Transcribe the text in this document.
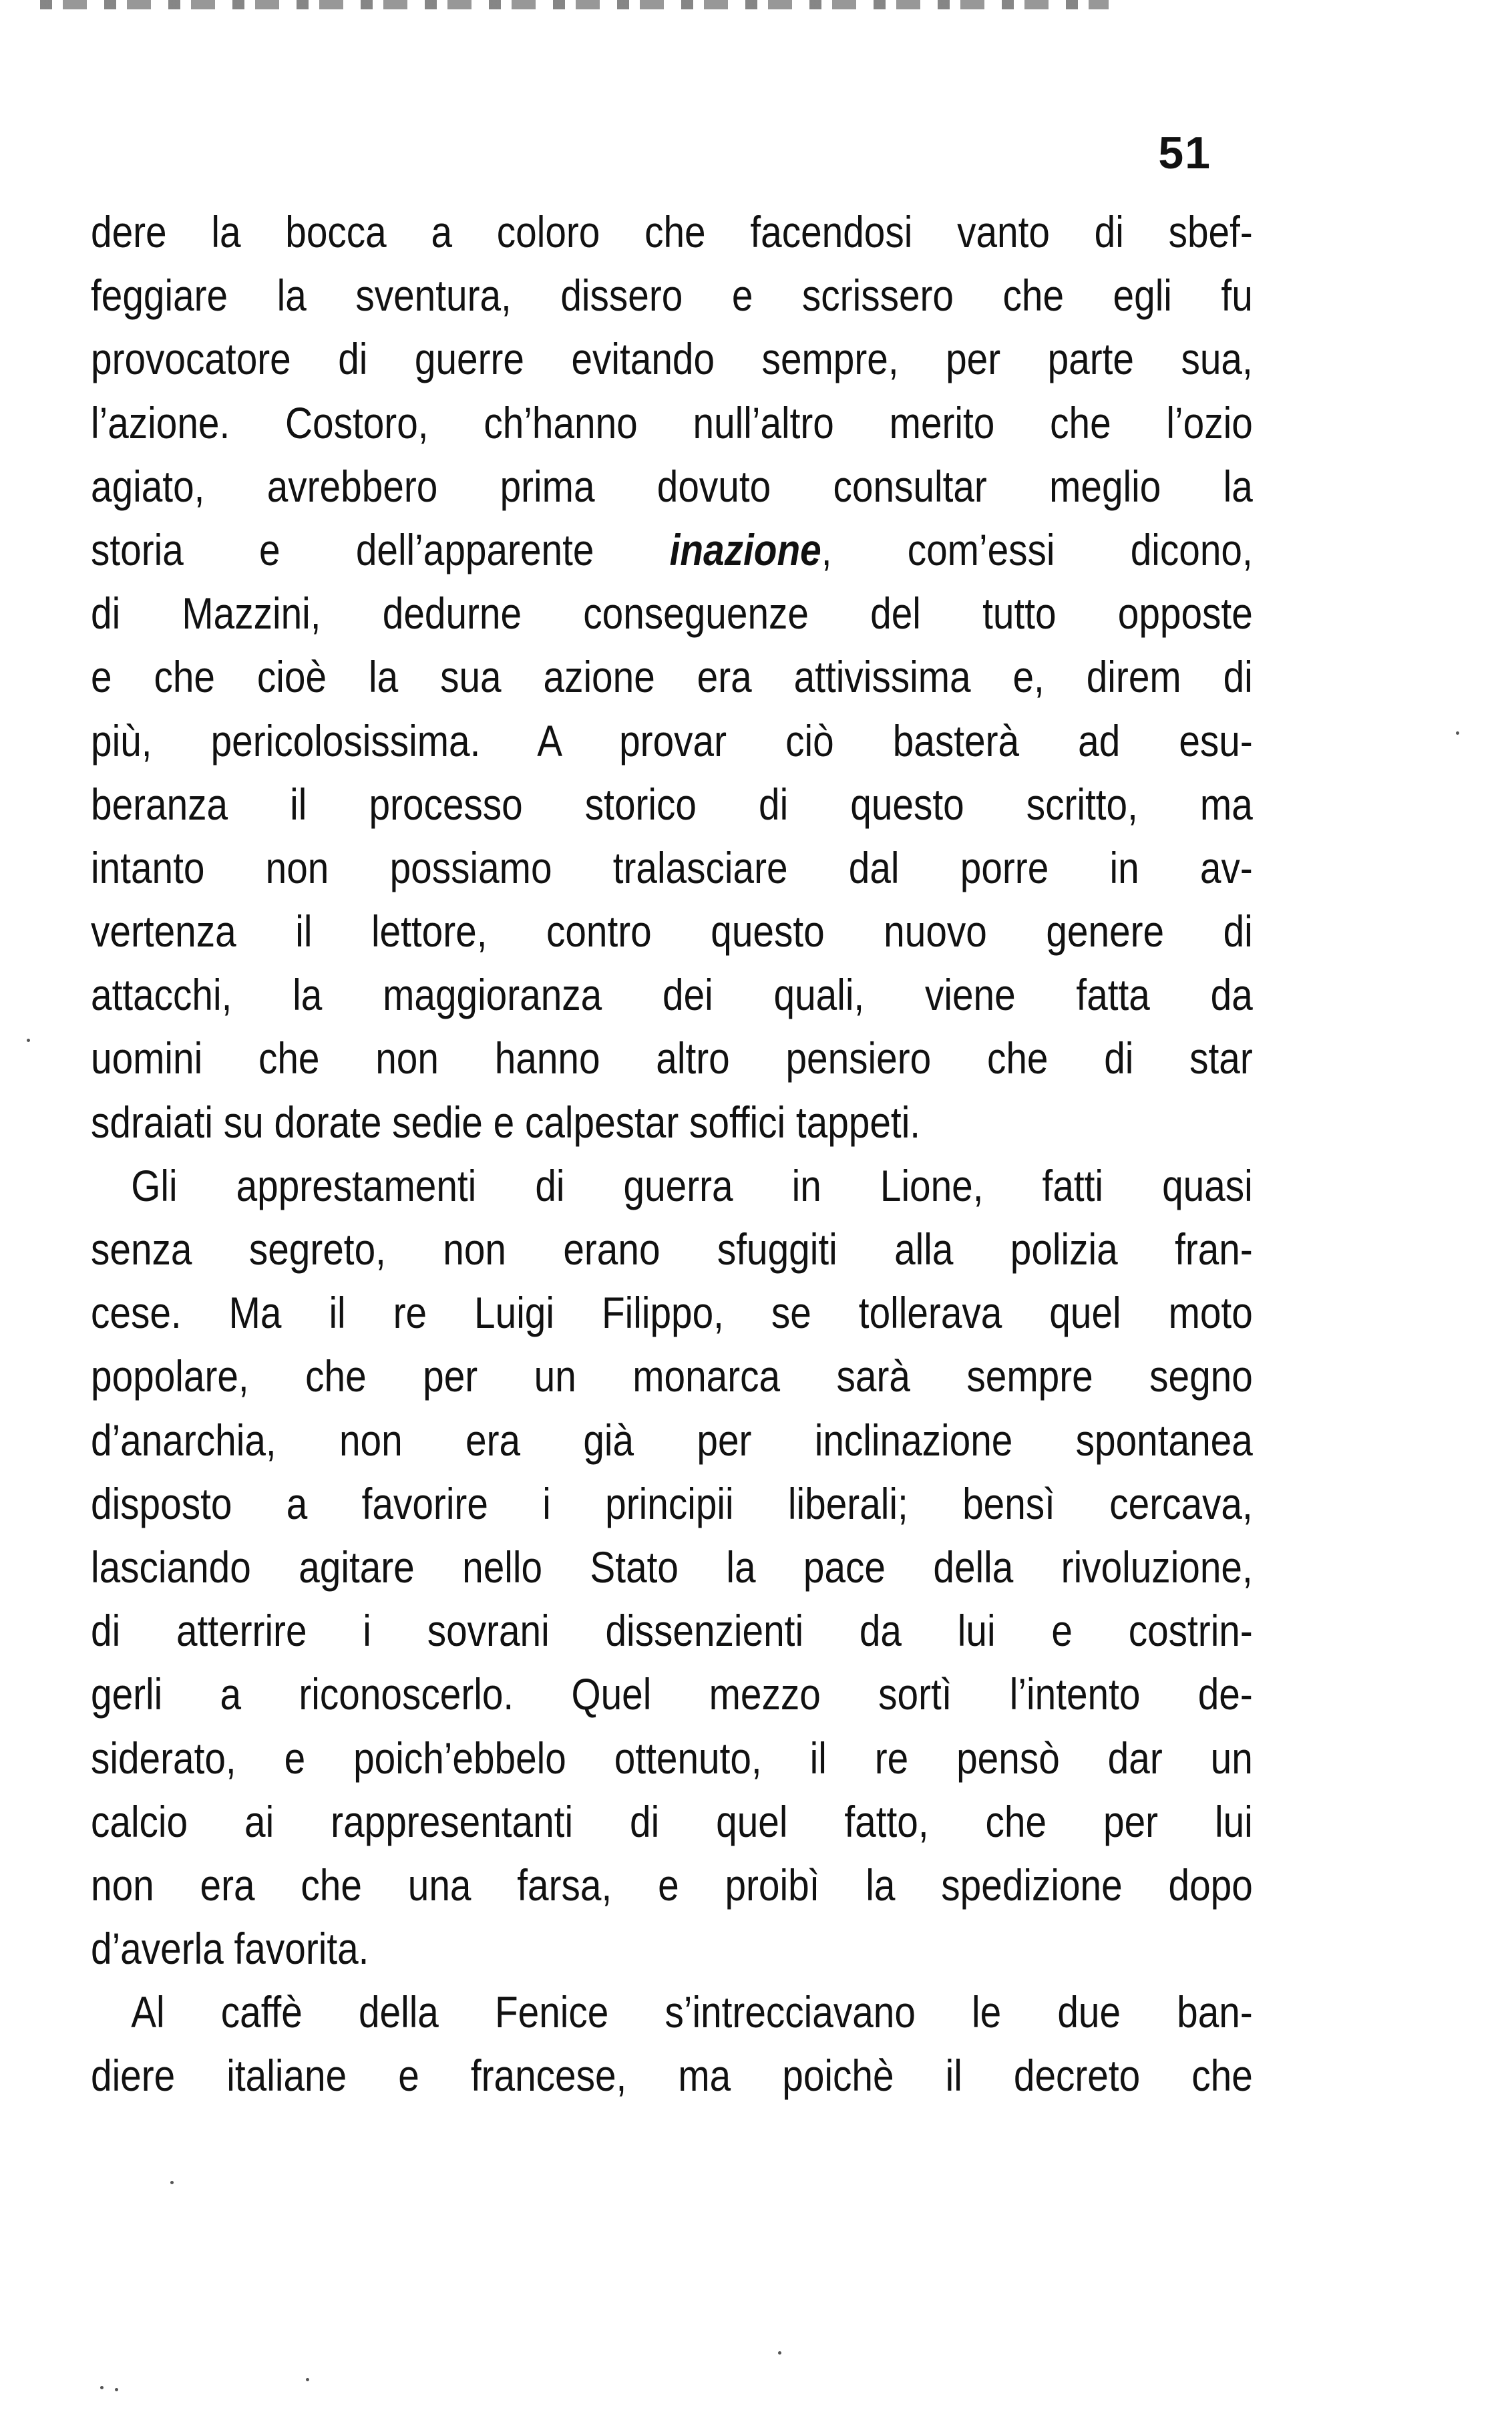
51
dere la bocca a coloro che facendosi vanto di sbef-
feggiare la sventura, dissero e scrissero che egli fu
provocatore di guerre evitando sempre, per parte sua,
l’azione. Costoro, ch’hanno null’altro merito che l’ozio
agiato, avrebbero prima dovuto consultar meglio la
storia e dell’apparente inazione, com’essi dicono,
di Mazzini, dedurne conseguenze del tutto opposte
e che cioè la sua azione era attivissima e, direm di
più, pericolosissima. A provar ciò basterà ad esu-
beranza il processo storico di questo scritto, ma
intanto non possiamo tralasciare dal porre in av-
vertenza il lettore, contro questo nuovo genere di
attacchi, la maggioranza dei quali, viene fatta da
uomini che non hanno altro pensiero che di star
sdraiati su dorate sedie e calpestar soffici tappeti.
Gli apprestamenti di guerra in Lione, fatti quasi
senza segreto, non erano sfuggiti alla polizia fran-
cese. Ma il re Luigi Filippo, se tollerava quel moto
popolare, che per un monarca sarà sempre segno
d’anarchia, non era già per inclinazione spontanea
disposto a favorire i principii liberali; bensì cercava,
lasciando agitare nello Stato la pace della rivoluzione,
di atterrire i sovrani dissenzienti da lui e costrin-
gerli a riconoscerlo. Quel mezzo sortì l’intento de-
siderato, e poich’ebbelo ottenuto, il re pensò dar un
calcio ai rappresentanti di quel fatto, che per lui
non era che una farsa, e proibì la spedizione dopo
d’averla favorita.
Al caffè della Fenice s’intrecciavano le due ban-
diere italiane e francese, ma poichè il decreto che
